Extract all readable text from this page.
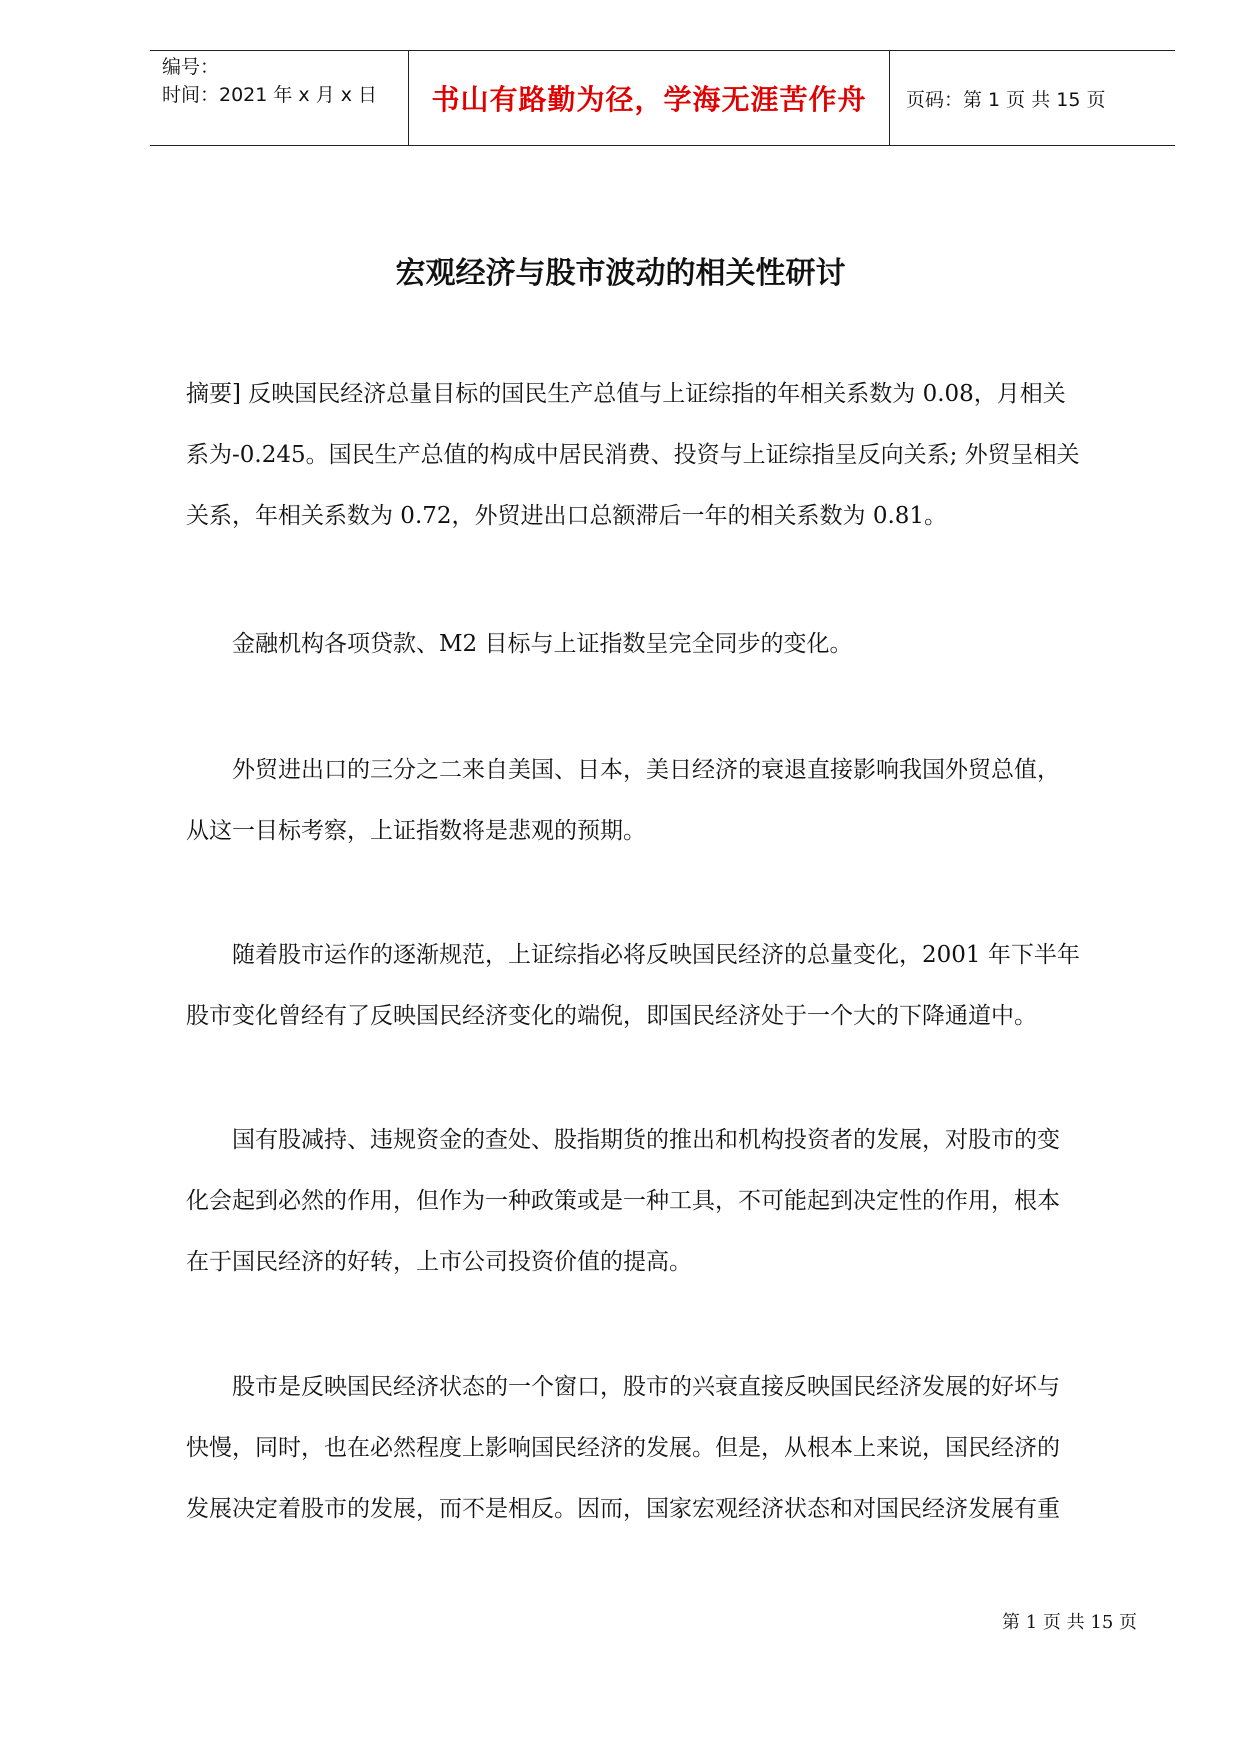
编号：
时间：2021 年 x 月 x 日	书山有路勤为径，学海无涯苦作舟 页码：第 1 页 共 15 页
宏观经济与股市波动的相关性研讨
摘要] 反映国民经济总量目标的国民生产总值与上证综指的年相关系数为 0.08，月相关
系为-0.245。国民生产总值的构成中居民消费、投资与上证综指呈反向关系; 外贸呈相关
关系，年相关系数为 0.72，外贸进出口总额滞后一年的相关系数为 0.81。
　　金融机构各项贷款、M2 目标与上证指数呈完全同步的变化。
　　外贸进出口的三分之二来自美国、日本，美日经济的衰退直接影响我国外贸总值，
从这一目标考察，上证指数将是悲观的预期。
　　随着股市运作的逐渐规范，上证综指必将反映国民经济的总量变化，2001 年下半年
股市变化曾经有了反映国民经济变化的端倪，即国民经济处于一个大的下降通道中。
　　国有股减持、违规资金的查处、股指期货的推出和机构投资者的发展，对股市的变
化会起到必然的作用，但作为一种政策或是一种工具，不可能起到决定性的作用，根本
在于国民经济的好转，上市公司投资价值的提高。
　　股市是反映国民经济状态的一个窗口，股市的兴衰直接反映国民经济发展的好坏与
快慢，同时，也在必然程度上影响国民经济的发展。但是，从根本上来说，国民经济的
发展决定着股市的发展，而不是相反。因而，国家宏观经济状态和对国民经济发展有重
第 1 页 共 15 页
